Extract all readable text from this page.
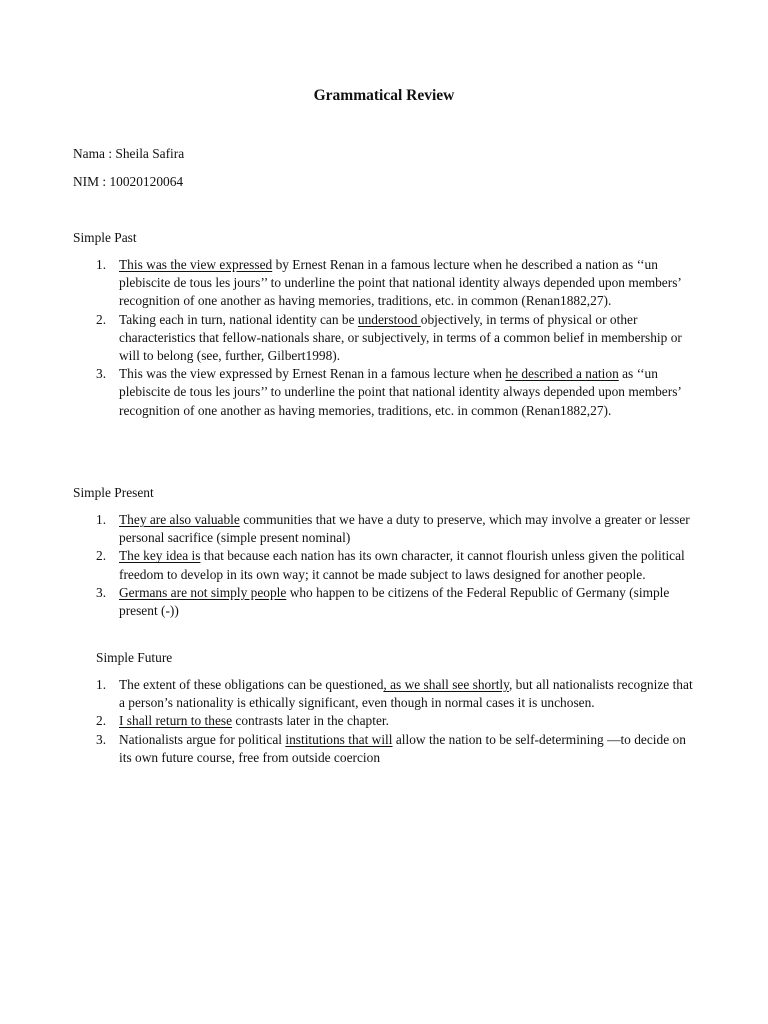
Grammatical Review
Nama : Sheila Safira
NIM : 10020120064
Simple Past
1. This was the view expressed by Ernest Renan in a famous lecture when he described a nation as ‘‘un plebiscite de tous les jours’’ to underline the point that national identity always depended upon members’ recognition of one another as having memories, traditions, etc. in common (Renan1882,27).
2. Taking each in turn, national identity can be understood objectively, in terms of physical or other characteristics that fellow-nationals share, or subjectively, in terms of a common belief in membership or will to belong (see, further, Gilbert1998).
3. This was the view expressed by Ernest Renan in a famous lecture when he described a nation as ‘‘un plebiscite de tous les jours’’ to underline the point that national identity always depended upon members’ recognition of one another as having memories, traditions, etc. in common (Renan1882,27).
Simple Present
1. They are also valuable communities that we have a duty to preserve, which may involve a greater or lesser personal sacrifice (simple present nominal)
2. The key idea is that because each nation has its own character, it cannot flourish unless given the political freedom to develop in its own way; it cannot be made subject to laws designed for another people.
3. Germans are not simply people who happen to be citizens of the Federal Republic of Germany (simple present (-))
Simple Future
1. The extent of these obligations can be questioned, as we shall see shortly, but all nationalists recognize that a person’s nationality is ethically significant, even though in normal cases it is unchosen.
2. I shall return to these contrasts later in the chapter.
3. Nationalists argue for political institutions that will allow the nation to be self-determining —to decide on its own future course, free from outside coercion
